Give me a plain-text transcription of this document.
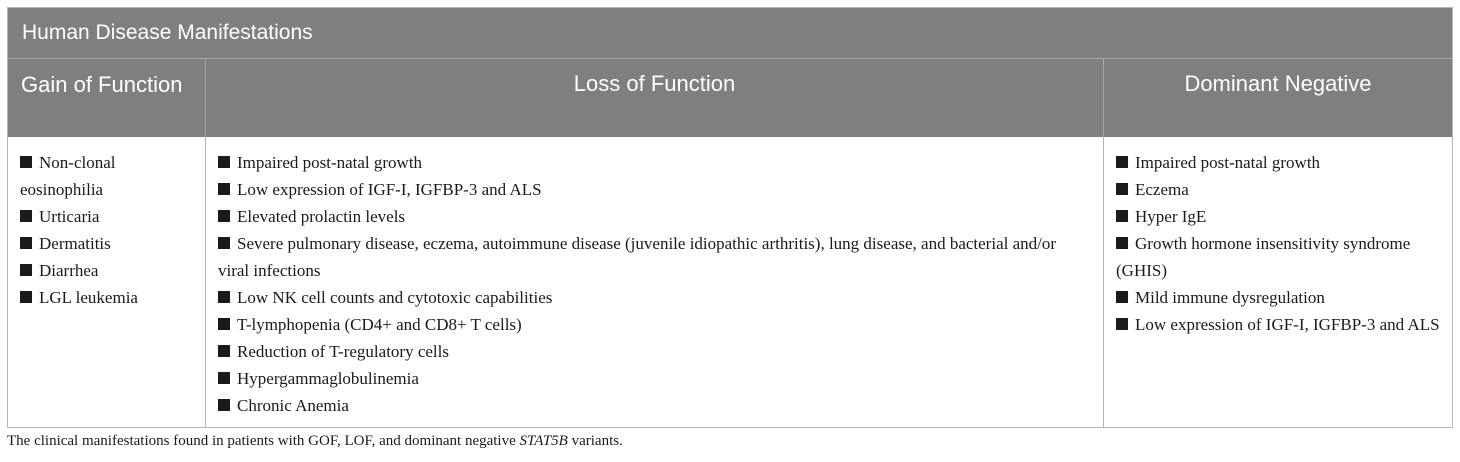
Human Disease Manifestations
Gain of Function	Loss of Function	Dominant Negative
Non-clonal eosinophilia
Urticaria
Dermatitis
Diarrhea
LGL leukemia
Impaired post-natal growth
Low expression of IGF-I, IGFBP-3 and ALS
Elevated prolactin levels
Severe pulmonary disease, eczema, autoimmune disease (juvenile idiopathic arthritis), lung disease, and bacterial and/or viral infections
Low NK cell counts and cytotoxic capabilities
T-lymphopenia (CD4+ and CD8+ T cells)
Reduction of T-regulatory cells
Hypergammaglobulinemia
Chronic Anemia
Impaired post-natal growth
Eczema
Hyper IgE
Growth hormone insensitivity syndrome (GHIS)
Mild immune dysregulation
Low expression of IGF-I, IGFBP-3 and ALS
The clinical manifestations found in patients with GOF, LOF, and dominant negative STAT5B variants.
